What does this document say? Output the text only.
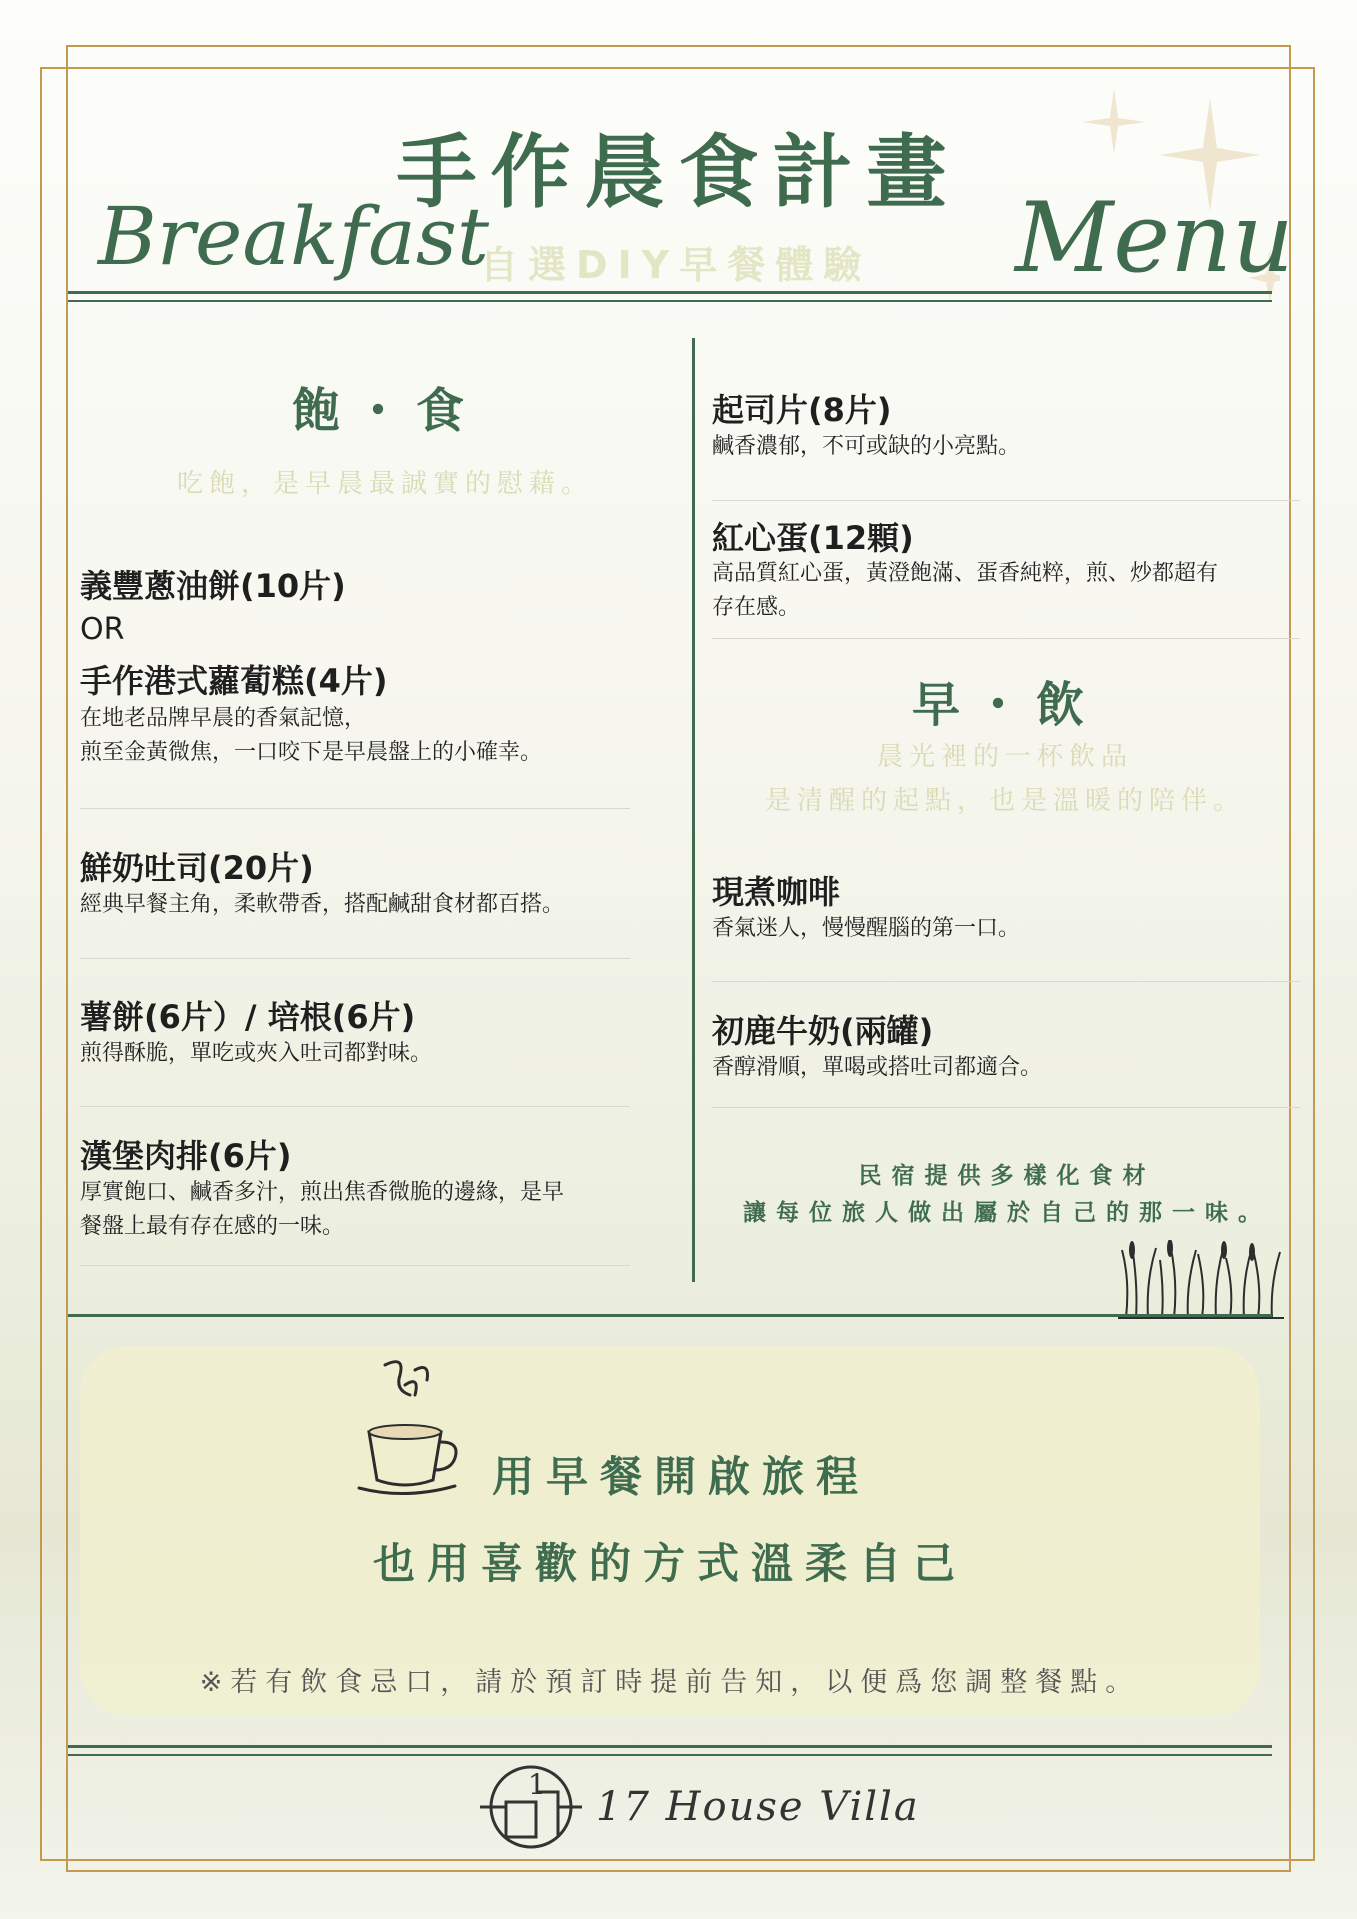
手作晨食計畫
Breakfast
自選DIY早餐體驗 Menu
飽・食
吃飽，是早晨最誠實的慰藉。
義豐蔥油餅(10片)
OR
手作港式蘿蔔糕(4片)
在地老品牌早晨的香氣記憶，
煎至金黃微焦，一口咬下是早晨盤上的小確幸。
鮮奶吐司(20片)
經典早餐主角，柔軟帶香，搭配鹹甜食材都百搭。
薯餅(6片）/ 培根(6片)
煎得酥脆，單吃或夾入吐司都對味。
漢堡肉排(6片)
厚實飽口、鹹香多汁，煎出焦香微脆的邊緣，是早
餐盤上最有存在感的一味。
起司片(8片)
鹹香濃郁，不可或缺的小亮點。
紅心蛋(12顆)
高品質紅心蛋，黃澄飽滿、蛋香純粹，煎、炒都超有
存在感。
早・飲
晨光裡的一杯飲品
是清醒的起點，也是溫暖的陪伴。
現煮咖啡
香氣迷人，慢慢醒腦的第一口。
初鹿牛奶(兩罐)
香醇滑順，單喝或搭吐司都適合。
民宿提供多樣化食材
讓每位旅人做出屬於自己的那一味。
用早餐開啟旅程
也用喜歡的方式溫柔自己
※若有飲食忌口，請於預訂時提前告知，以便爲您調整餐點。
1 17 House Villa
